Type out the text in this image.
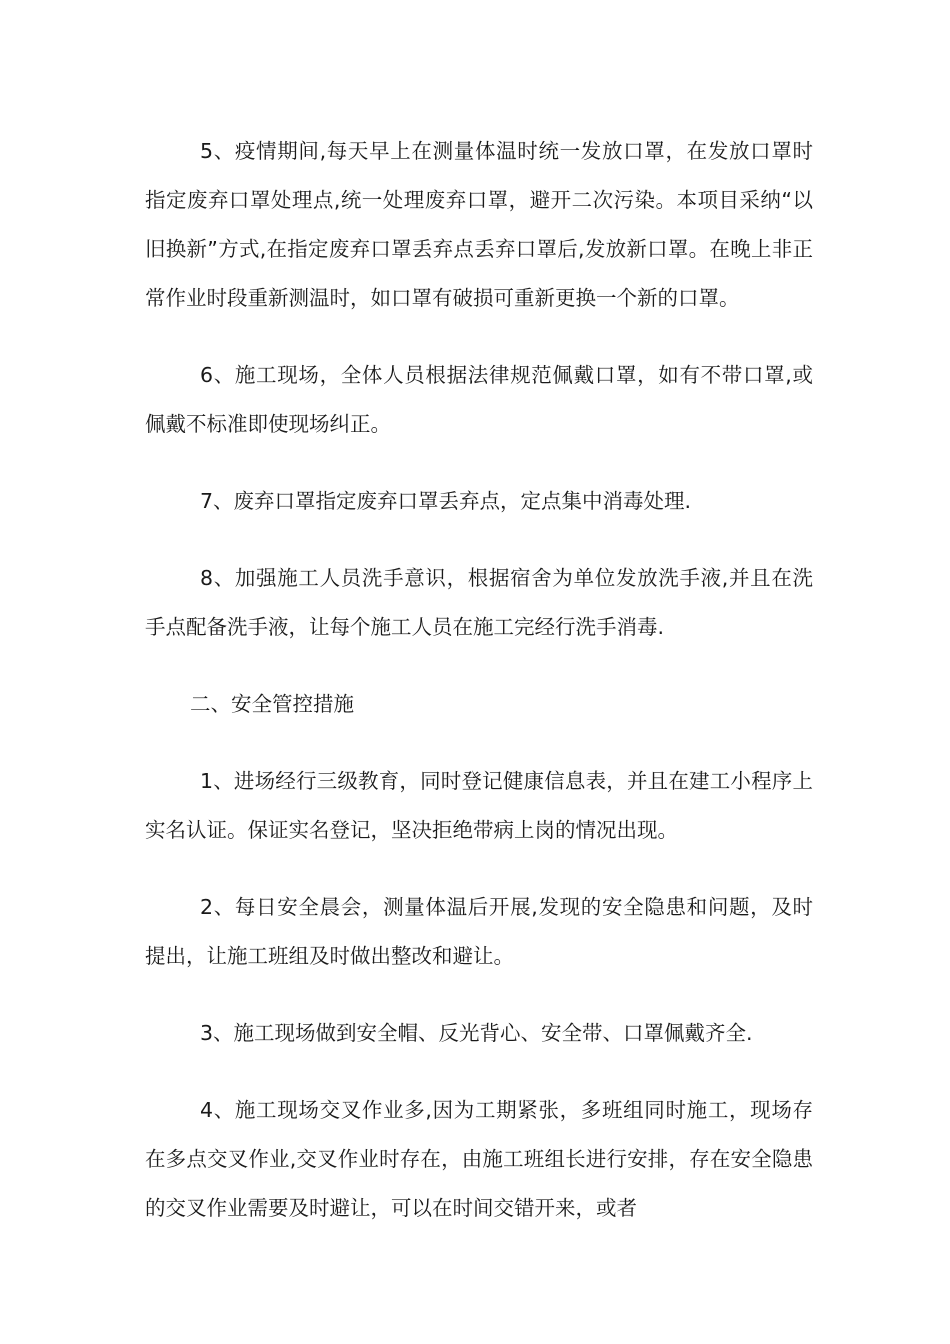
5、疫情期间,每天早上在测量体温时统一发放口罩，在发放口罩时指定废弃口罩处理点,统一处理废弃口罩，避开二次污染。本项目采纳“以旧换新”方式,在指定废弃口罩丢弃点丢弃口罩后,发放新口罩。在晚上非正常作业时段重新测温时，如口罩有破损可重新更换一个新的口罩。

6、施工现场，全体人员根据法律规范佩戴口罩，如有不带口罩,或佩戴不标准即使现场纠正。

7、废弃口罩指定废弃口罩丢弃点，定点集中消毒处理.

8、加强施工人员洗手意识，根据宿舍为单位发放洗手液,并且在洗手点配备洗手液，让每个施工人员在施工完经行洗手消毒.

二、安全管控措施

1、进场经行三级教育，同时登记健康信息表，并且在建工小程序上实名认证。保证实名登记，坚决拒绝带病上岗的情况出现。

2、每日安全晨会，测量体温后开展,发现的安全隐患和问题，及时提出，让施工班组及时做出整改和避让。

3、施工现场做到安全帽、反光背心、安全带、口罩佩戴齐全.

4、施工现场交叉作业多,因为工期紧张，多班组同时施工，现场存在多点交叉作业,交叉作业时存在，由施工班组长进行安排，存在安全隐患的交叉作业需要及时避让，可以在时间交错开来，或者
